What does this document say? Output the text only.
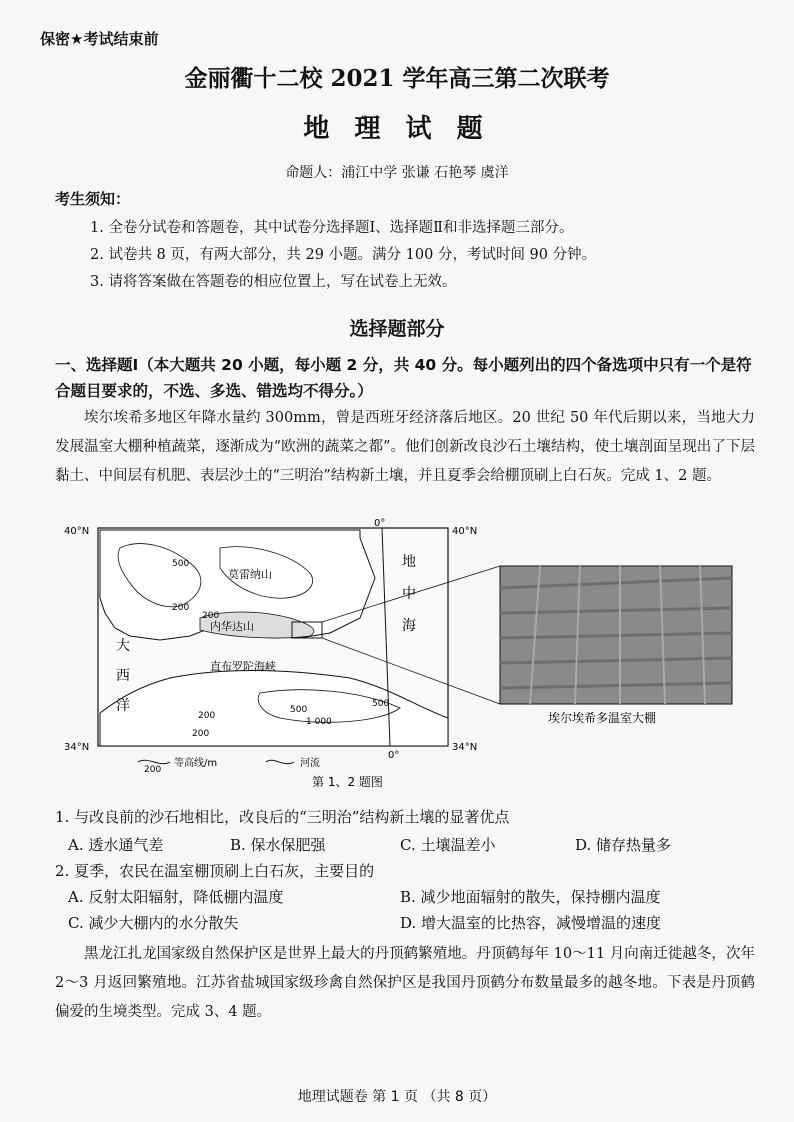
保密★考试结束前
金丽衢十二校 2021 学年高三第二次联考
地 理 试 题
命题人：浦江中学 张谦 石艳琴 虞洋
考生须知：
1. 全卷分试卷和答题卷，其中试卷分选择题Ⅰ、选择题Ⅱ和非选择题三部分。
2. 试卷共 8 页，有两大部分，共 29 小题。满分 100 分，考试时间 90 分钟。
3. 请将答案做在答题卷的相应位置上，写在试卷上无效。
选择题部分
一、选择题Ⅰ（本大题共 20 小题，每小题 2 分，共 40 分。每小题列出的四个备选项中只有一个是符合题目要求的，不选、多选、错选均不得分。）
埃尔埃希多地区年降水量约 300mm，曾是西班牙经济落后地区。20 世纪 50 年代后期以来，当地大力发展温室大棚种植蔬菜，逐渐成为“欧洲的蔬菜之都”。他们创新改良沙石土壤结构，使土壤剖面呈现出了下层黏土、中间层有机肥、表层沙土的“三明治”结构新土壤，并且夏季会给棚顶刷上白石灰。完成 1、2 题。
40°N	40°N
34°N	34°N
0°
0°
莫雷纳山
内华达山
直布罗陀海峡
地
中
海
大
西
洋
500
200
200
500
200
1 000
200
500
埃尔埃希多温室大棚
200
等高线/m	河流
第 1、2 题图
1. 与改良前的沙石地相比，改良后的“三明治”结构新土壤的显著优点
A. 透水通气差	B. 保水保肥强	C. 土壤温差小	D. 储存热量多
2. 夏季，农民在温室棚顶刷上白石灰，主要目的
A. 反射太阳辐射，降低棚内温度	B. 减少地面辐射的散失，保持棚内温度
C. 减少大棚内的水分散失	D. 增大温室的比热容，减慢增温的速度
黑龙江扎龙国家级自然保护区是世界上最大的丹顶鹤繁殖地。丹顶鹤每年 10～11 月向南迁徙越冬，次年 2～3 月返回繁殖地。江苏省盐城国家级珍禽自然保护区是我国丹顶鹤分布数量最多的越冬地。下表是丹顶鹤偏爱的生境类型。完成 3、4 题。
地理试题卷 第 1 页 （共 8 页）
